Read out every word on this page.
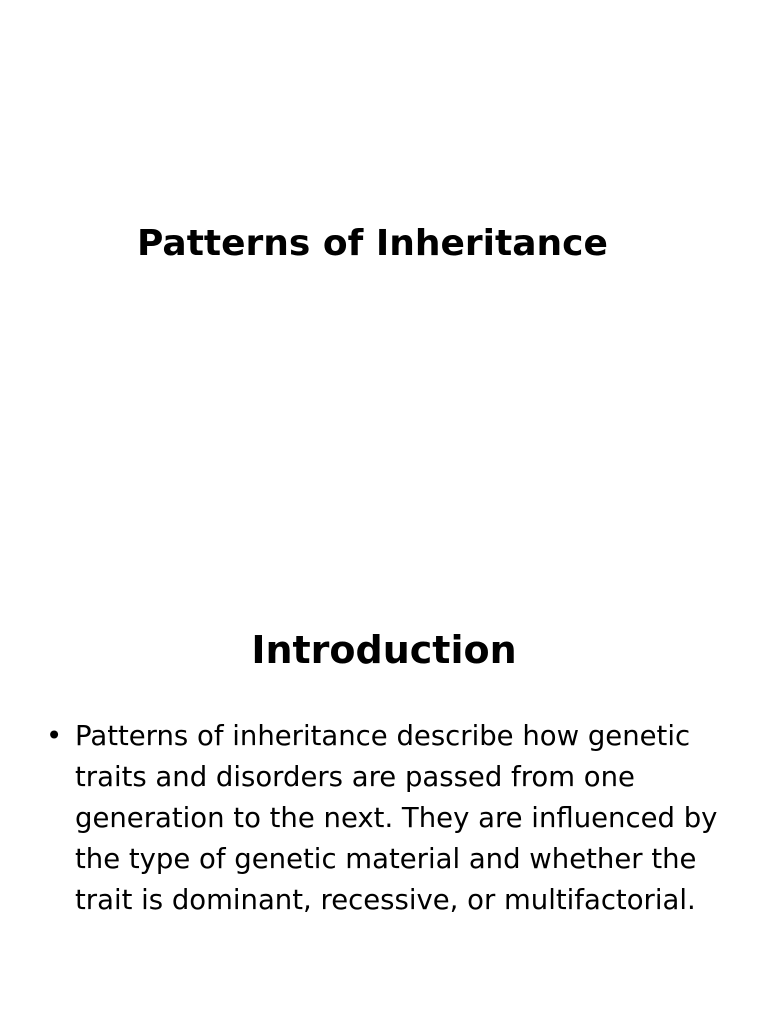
Patterns of Inheritance
Introduction
• Patterns of inheritance describe how genetic traits and disorders are passed from one generation to the next. They are influenced by the type of genetic material and whether the trait is dominant, recessive, or multifactorial.
